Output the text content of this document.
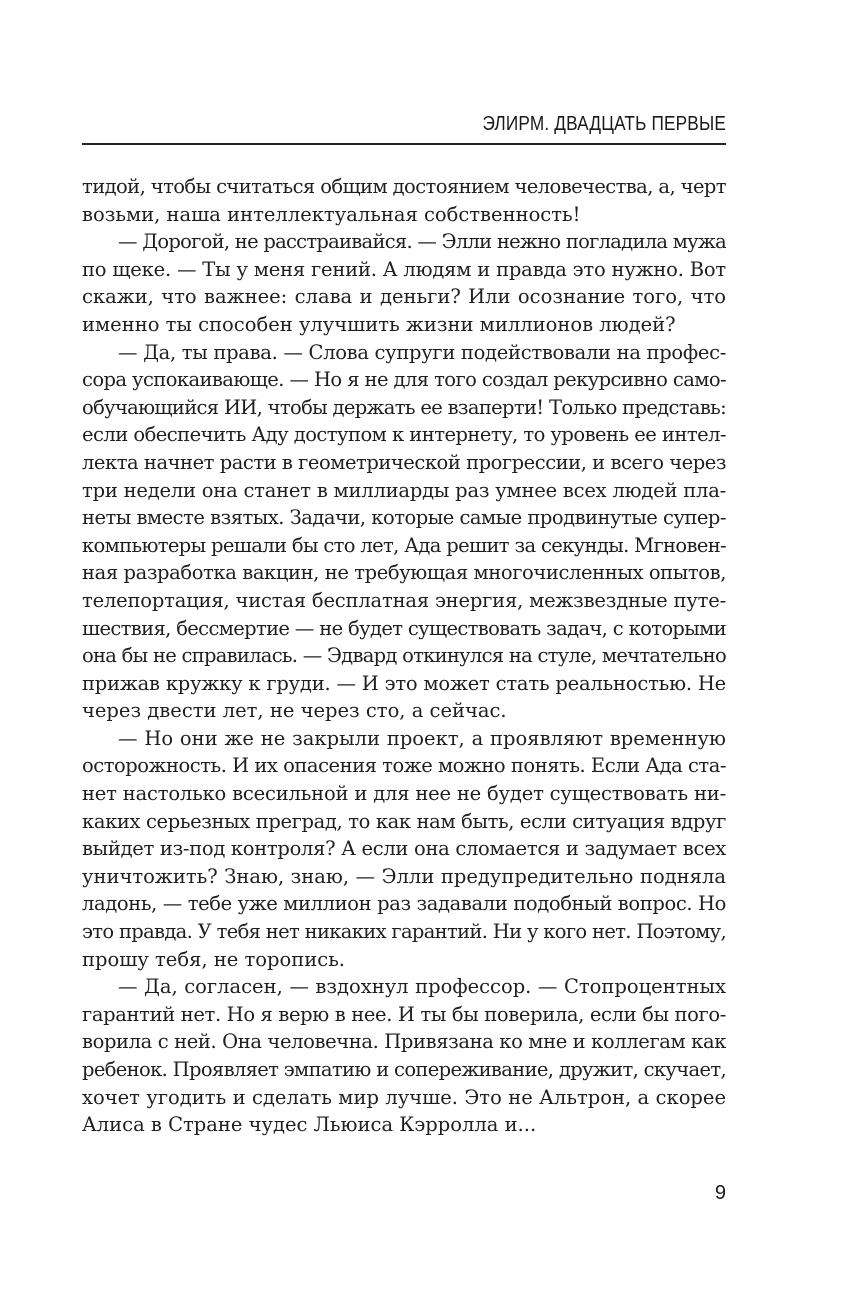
ЭЛИРМ. ДВАДЦАТЬ ПЕРВЫЕ
тидой, чтобы считаться общим достоянием человечества, а, черт
возьми, наша интеллектуальная собственность!
— Дорогой, не расстраивайся. — Элли нежно погладила мужа
по щеке. — Ты у меня гений. А людям и правда это нужно. Вот
скажи, что важнее: слава и деньги? Или осознание того, что
именно ты способен улучшить жизни миллионов людей?
— Да, ты права. — Слова супруги подействовали на профес-
сора успокаивающе. — Но я не для того создал рекурсивно само-
обучающийся ИИ, чтобы держать ее взаперти! Только представь:
если обеспечить Аду доступом к интернету, то уровень ее интел-
лекта начнет расти в геометрической прогрессии, и всего через
три недели она станет в миллиарды раз умнее всех людей пла-
неты вместе взятых. Задачи, которые самые продвинутые супер-
компьютеры решали бы сто лет, Ада решит за секунды. Мгновен-
ная разработка вакцин, не требующая многочисленных опытов,
телепортация, чистая бесплатная энергия, межзвездные путе-
шествия, бессмертие — не будет существовать задач, с которыми
она бы не справилась. — Эдвард откинулся на стуле, мечтательно
прижав кружку к груди. — И это может стать реальностью. Не
через двести лет, не через сто, а сейчас.
— Но они же не закрыли проект, а проявляют временную
осторожность. И их опасения тоже можно понять. Если Ада ста-
нет настолько всесильной и для нее не будет существовать ни-
каких серьезных преград, то как нам быть, если ситуация вдруг
выйдет из-под контроля? А если она сломается и задумает всех
уничтожить? Знаю, знаю, — Элли предупредительно подняла
ладонь, — тебе уже миллион раз задавали подобный вопрос. Но
это правда. У тебя нет никаких гарантий. Ни у кого нет. Поэтому,
прошу тебя, не торопись.
— Да, согласен, — вздохнул профессор. — Стопроцентных
гарантий нет. Но я верю в нее. И ты бы поверила, если бы пого-
ворила с ней. Она человечна. Привязана ко мне и коллегам как
ребенок. Проявляет эмпатию и сопереживание, дружит, скучает,
хочет угодить и сделать мир лучше. Это не Альтрон, а скорее
Алиса в Стране чудес Льюиса Кэрролла и...
9
